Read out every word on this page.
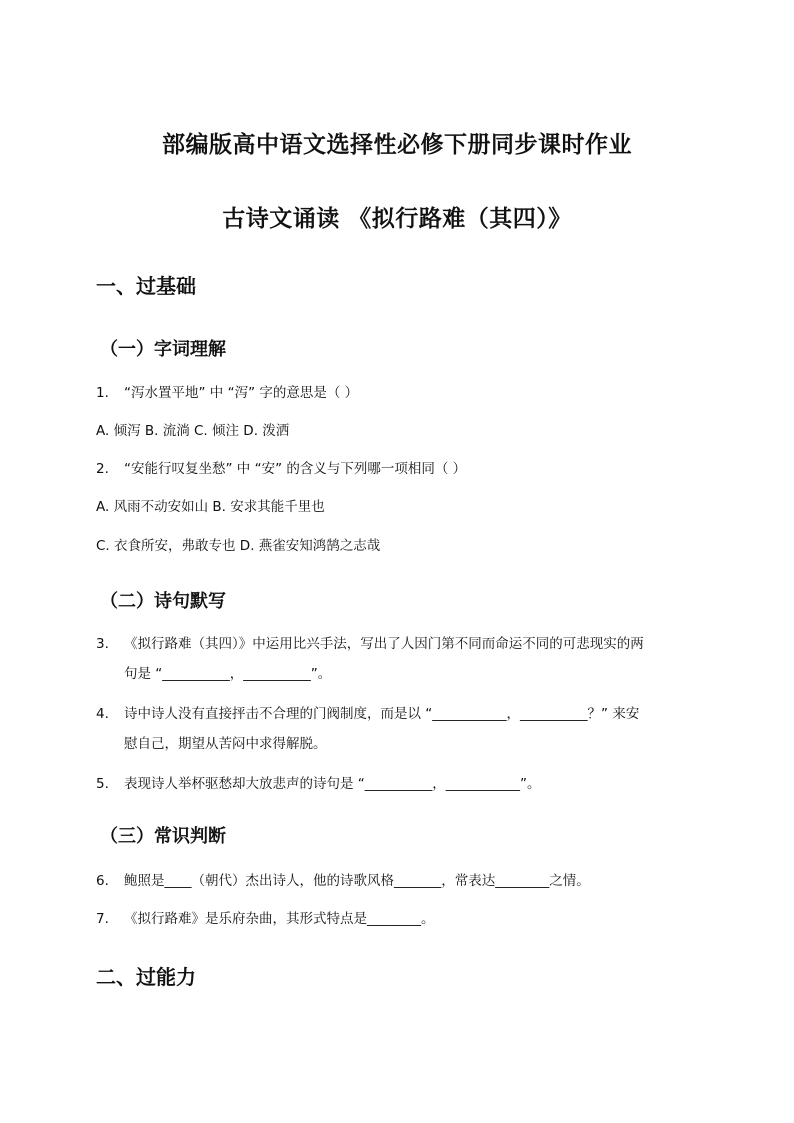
部编版高中语文选择性必修下册同步课时作业
古诗文诵读 《拟行路难（其四）》
一、过基础
（一）字词理解
1. “泻水置平地” 中 “泻” 字的意思是（ ）
A. 倾泻 B. 流淌 C. 倾注 D. 泼洒
2. “安能行叹复坐愁” 中 “安” 的含义与下列哪一项相同（ ）
A. 风雨不动安如山 B. 安求其能千里也
C. 衣食所安，弗敢专也 D. 燕雀安知鸿鹄之志哉
（二）诗句默写
3. 《拟行路难（其四）》中运用比兴手法，写出了人因门第不同而命运不同的可悲现实的两
句是 “__________，__________”。
4. 诗中诗人没有直接抨击不合理的门阀制度，而是以 “___________，__________？” 来安
慰自己，期望从苦闷中求得解脱。
5. 表现诗人举杯驱愁却大放悲声的诗句是 “__________，___________”。
（三）常识判断
6. 鲍照是____（朝代）杰出诗人，他的诗歌风格_______，常表达________之情。
7. 《拟行路难》是乐府杂曲，其形式特点是________。
二、过能力
